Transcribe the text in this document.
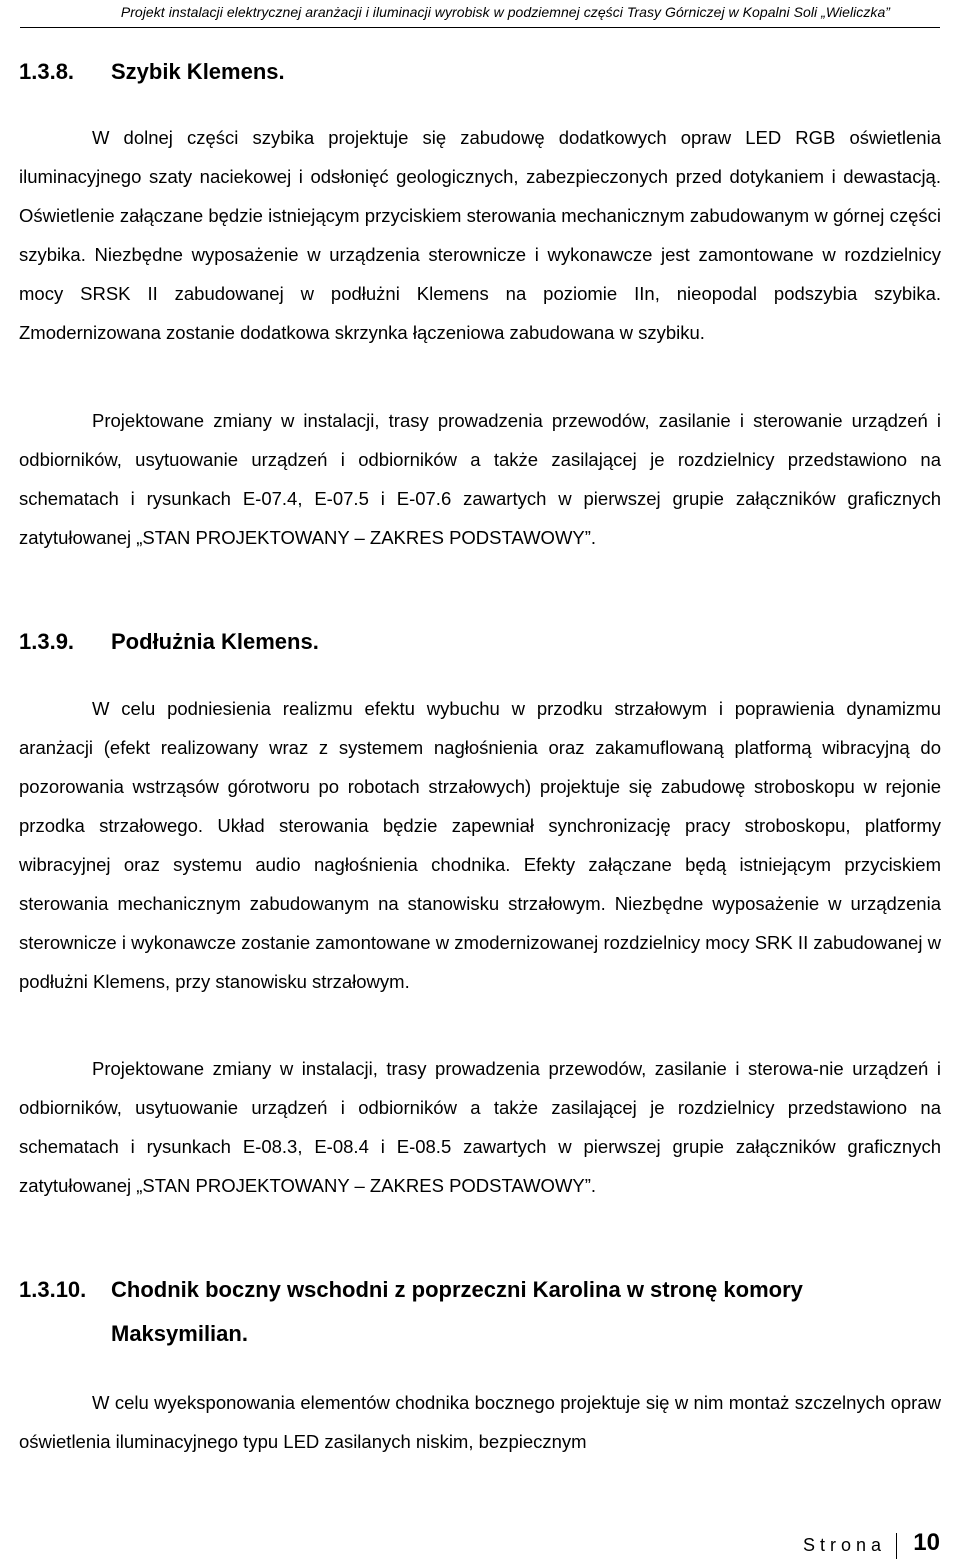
Projekt instalacji elektrycznej aranżacji i iluminacji wyrobisk w podziemnej części Trasy Górniczej w Kopalni Soli „Wieliczka”
1.3.8. Szybik Klemens.

W dolnej części szybika projektuje się zabudowę dodatkowych opraw LED RGB oświetlenia iluminacyjnego szaty naciekowej i odsłonięć geologicznych, zabezpieczonych przed dotykaniem i dewastacją. Oświetlenie załączane będzie istniejącym przyciskiem sterowania mechanicznym zabudowanym w górnej części szybika. Niezbędne wyposażenie w urządzenia sterownicze i wykonawcze jest zamontowane w rozdzielnicy mocy SRSK II zabudowanej w podłużni Klemens na poziomie IIn, nieopodal podszybia szybika. Zmodernizowana zostanie dodatkowa skrzynka łączeniowa zabudowana w szybiku.

Projektowane zmiany w instalacji, trasy prowadzenia przewodów, zasilanie i sterowanie urządzeń i odbiorników, usytuowanie urządzeń i odbiorników a także zasilającej je rozdzielnicy przedstawiono na schematach i rysunkach E-07.4, E-07.5 i E-07.6 zawartych w pierwszej grupie załączników graficznych zatytułowanej „STAN PROJEKTOWANY – ZAKRES PODSTAWOWY”.

1.3.9. Podłużnia Klemens.

W celu podniesienia realizmu efektu wybuchu w przodku strzałowym i poprawienia dynamizmu aranżacji (efekt realizowany wraz z systemem nagłośnienia oraz zakamuflowaną platformą wibracyjną do pozorowania wstrząsów górotworu po robotach strzałowych) projektuje się zabudowę stroboskopu w rejonie przodka strzałowego. Układ sterowania będzie zapewniał synchronizację pracy stroboskopu, platformy wibracyjnej oraz systemu audio nagłośnienia chodnika. Efekty załączane będą istniejącym przyciskiem sterowania mechanicznym zabudowanym na stanowisku strzałowym. Niezbędne wyposażenie w urządzenia sterownicze i wykonawcze zostanie zamontowane w zmodernizowanej rozdzielnicy mocy SRK II zabudowanej w podłużni Klemens, przy stanowisku strzałowym.

Projektowane zmiany w instalacji, trasy prowadzenia przewodów, zasilanie i sterowa-nie urządzeń i odbiorników, usytuowanie urządzeń i odbiorników a także zasilającej je rozdzielnicy przedstawiono na schematach i rysunkach E-08.3, E-08.4 i E-08.5 zawartych w pierwszej grupie załączników graficznych zatytułowanej „STAN PROJEKTOWANY – ZAKRES PODSTAWOWY”.

1.3.10. Chodnik boczny wschodni z poprzeczni Karolina w stronę komory Maksymilian.

W celu wyeksponowania elementów chodnika bocznego projektuje się w nim montaż szczelnych opraw oświetlenia iluminacyjnego typu LED zasilanych niskim, bezpiecznym

Strona 10
